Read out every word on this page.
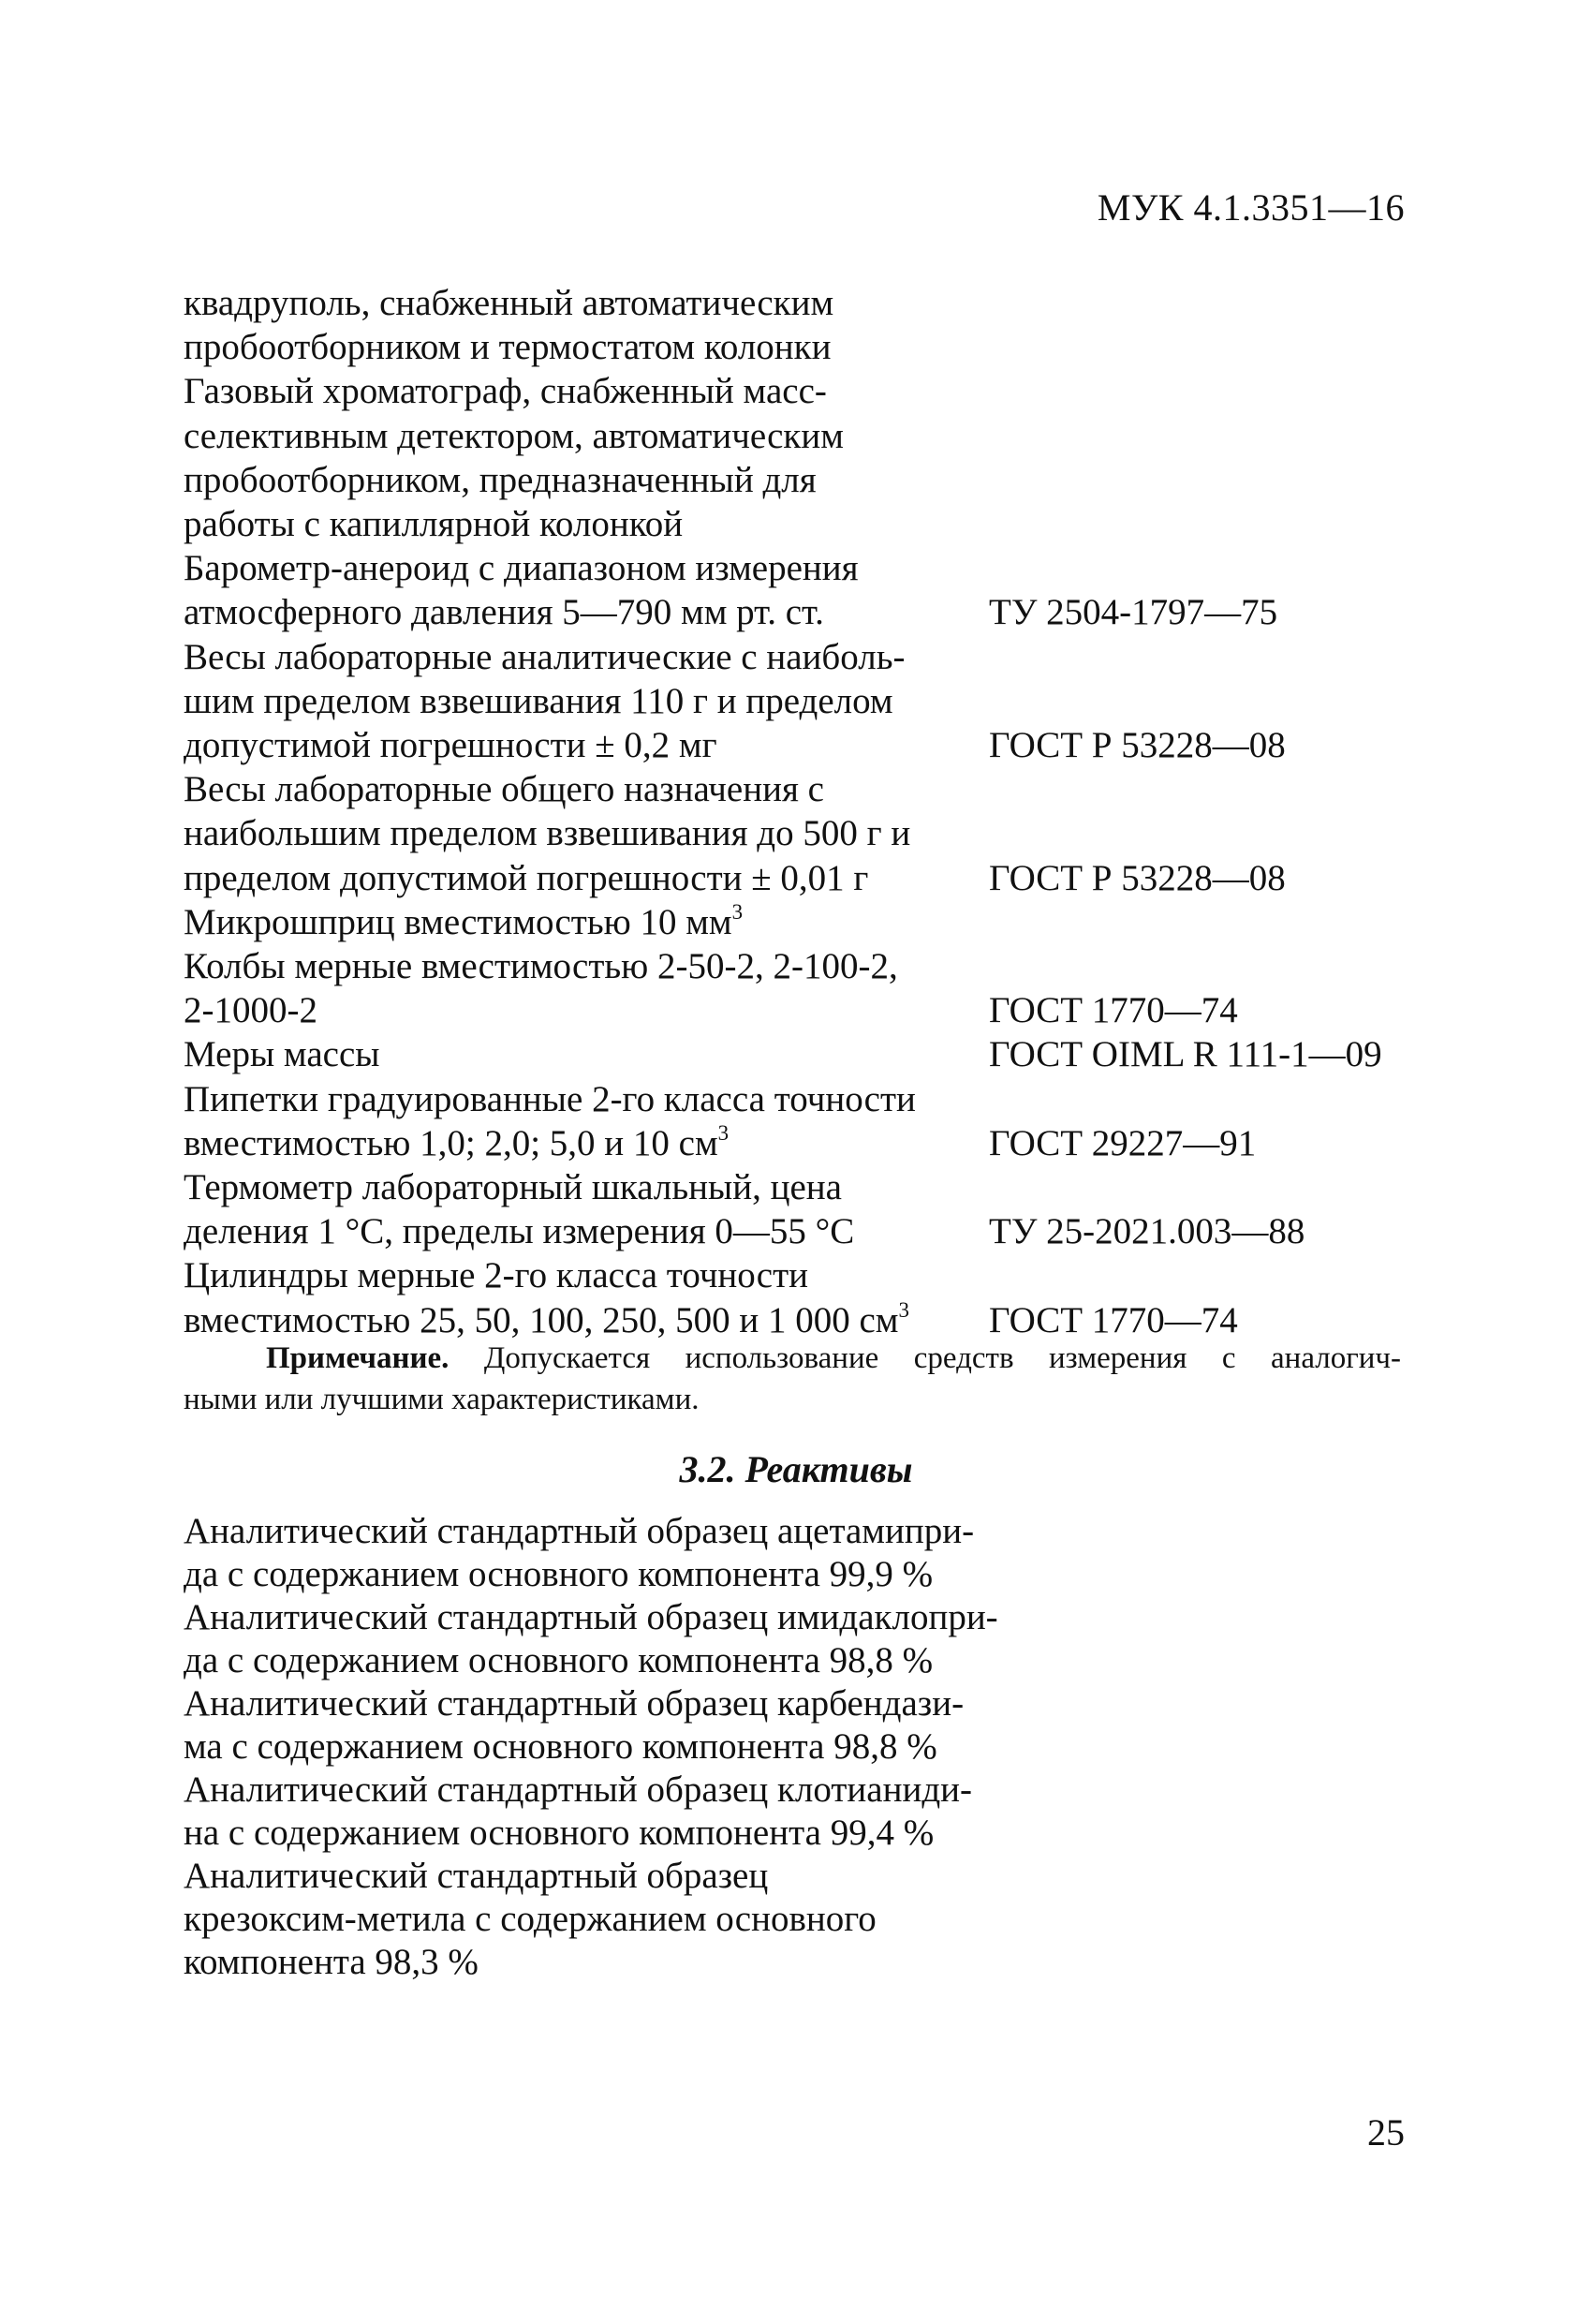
МУК 4.1.3351—16
квадруполь, снабженный автоматическим
пробоотборником и термостатом колонки
Газовый хроматограф, снабженный масс-
селективным детектором, автоматическим
пробоотборником, предназначенный для
работы с капиллярной колонкой
Барометр-анероид с диапазоном измерения
атмосферного давления 5—790 мм рт. ст.	ТУ 2504-1797—75
Весы лабораторные аналитические с наиболь-
шим пределом взвешивания 110 г и пределом
допустимой погрешности ± 0,2 мг	ГОСТ Р 53228—08
Весы лабораторные общего назначения с
наибольшим пределом взвешивания до 500 г и
пределом допустимой погрешности ± 0,01 г	ГОСТ Р 53228—08
Микрошприц вместимостью 10 $мм^3$
Колбы мерные вместимостью 2-50-2, 2-100-2,
2-1000-2	ГОСТ 1770—74
Меры массы	ГОСТ OIML R 111-1—09
Пипетки градуированные 2-го класса точности
вместимостью 1,0; 2,0; 5,0 и 10 $см^3$	ГОСТ 29227—91
Термометр лабораторный шкальный, цена
деления 1 °С, пределы измерения 0—55 °С	ТУ 25-2021.003—88
Цилиндры мерные 2-го класса точности
вместимостью 25, 50, 100, 250, 500 и 1 000 $см^3$	ГОСТ 1770—74
Примечание. Допускается использование средств измерения с аналогич-
ными или лучшими характеристиками.
3.2. Реактивы
Аналитический стандартный образец ацетамипри-
да с содержанием основного компонента 99,9 %
Аналитический стандартный образец имидаклопри-
да с содержанием основного компонента 98,8 %
Аналитический стандартный образец карбендази-
ма с содержанием основного компонента 98,8 %
Аналитический стандартный образец клотианиди-
на с содержанием основного компонента 99,4 %
Аналитический стандартный образец
крезоксим-метила с содержанием основного
компонента 98,3 %
25
